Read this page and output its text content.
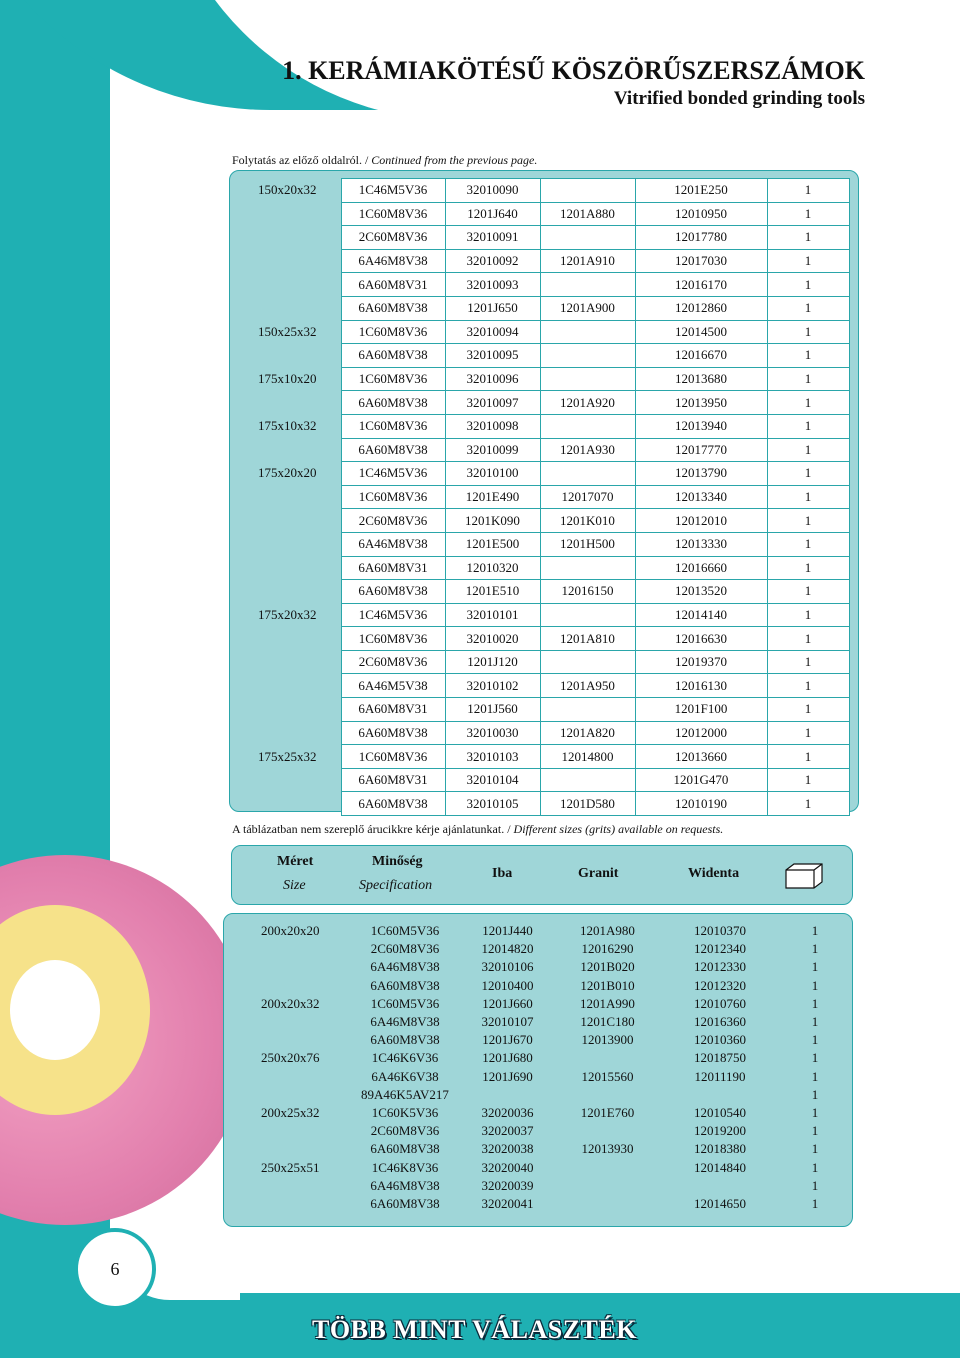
1. KERÁMIAKÖTÉSŰ KÖSZÖRŰSZERSZÁMOK
Vitrified bonded grinding tools
Folytatás az előző oldalról. / Continued from the previous page.
150x20x32	1C46M5V36	32010090		1201E250	1
	1C60M8V36	1201J640	1201A880	12010950	1
	2C60M8V36	32010091		12017780	1
	6A46M8V38	32010092	1201A910	12017030	1
	6A60M8V31	32010093		12016170	1
	6A60M8V38	1201J650	1201A900	12012860	1
150x25x32	1C60M8V36	32010094		12014500	1
	6A60M8V38	32010095		12016670	1
175x10x20	1C60M8V36	32010096		12013680	1
	6A60M8V38	32010097	1201A920	12013950	1
175x10x32	1C60M8V36	32010098		12013940	1
	6A60M8V38	32010099	1201A930	12017770	1
175x20x20	1C46M5V36	32010100		12013790	1
	1C60M8V36	1201E490	12017070	12013340	1
	2C60M8V36	1201K090	1201K010	12012010	1
	6A46M8V38	1201E500	1201H500	12013330	1
	6A60M8V31	12010320		12016660	1
	6A60M8V38	1201E510	12016150	12013520	1
175x20x32	1C46M5V36	32010101		12014140	1
	1C60M8V36	32010020	1201A810	12016630	1
	2C60M8V36	1201J120		12019370	1
	6A46M5V38	32010102	1201A950	12016130	1
	6A60M8V31	1201J560		1201F100	1
	6A60M8V38	32010030	1201A820	12012000	1
175x25x32	1C60M8V36	32010103	12014800	12013660	1
	6A60M8V31	32010104		1201G470	1
	6A60M8V38	32010105	1201D580	12010190	1
A táblázatban nem szereplő árucikkre kérje ajánlatunkat. / Different sizes (grits) available on requests.
Méret
Size
Minőség
Specification
Iba	Granit	Widenta
200x20x20	1C60M5V36	1201J440	1201A980	12010370	1
	2C60M8V36	12014820	12016290	12012340	1
	6A46M8V38	32010106	1201B020	12012330	1
	6A60M8V38	12010400	1201B010	12012320	1
200x20x32	1C60M5V36	1201J660	1201A990	12010760	1
	6A46M8V38	32010107	1201C180	12016360	1
	6A60M8V38	1201J670	12013900	12010360	1
250x20x76	1C46K6V36	1201J680		12018750	1
	6A46K6V38	1201J690	12015560	12011190	1
	89A46K5AV217				1
200x25x32	1C60K5V36	32020036	1201E760	12010540	1
	2C60M8V36	32020037		12019200	1
	6A60M8V38	32020038	12013930	12018380	1
250x25x51	1C46K8V36	32020040		12014840	1
	6A46M8V38	32020039			1
	6A60M8V38	32020041		12014650	1
6
TÖBB MINT VÁLASZTÉK
